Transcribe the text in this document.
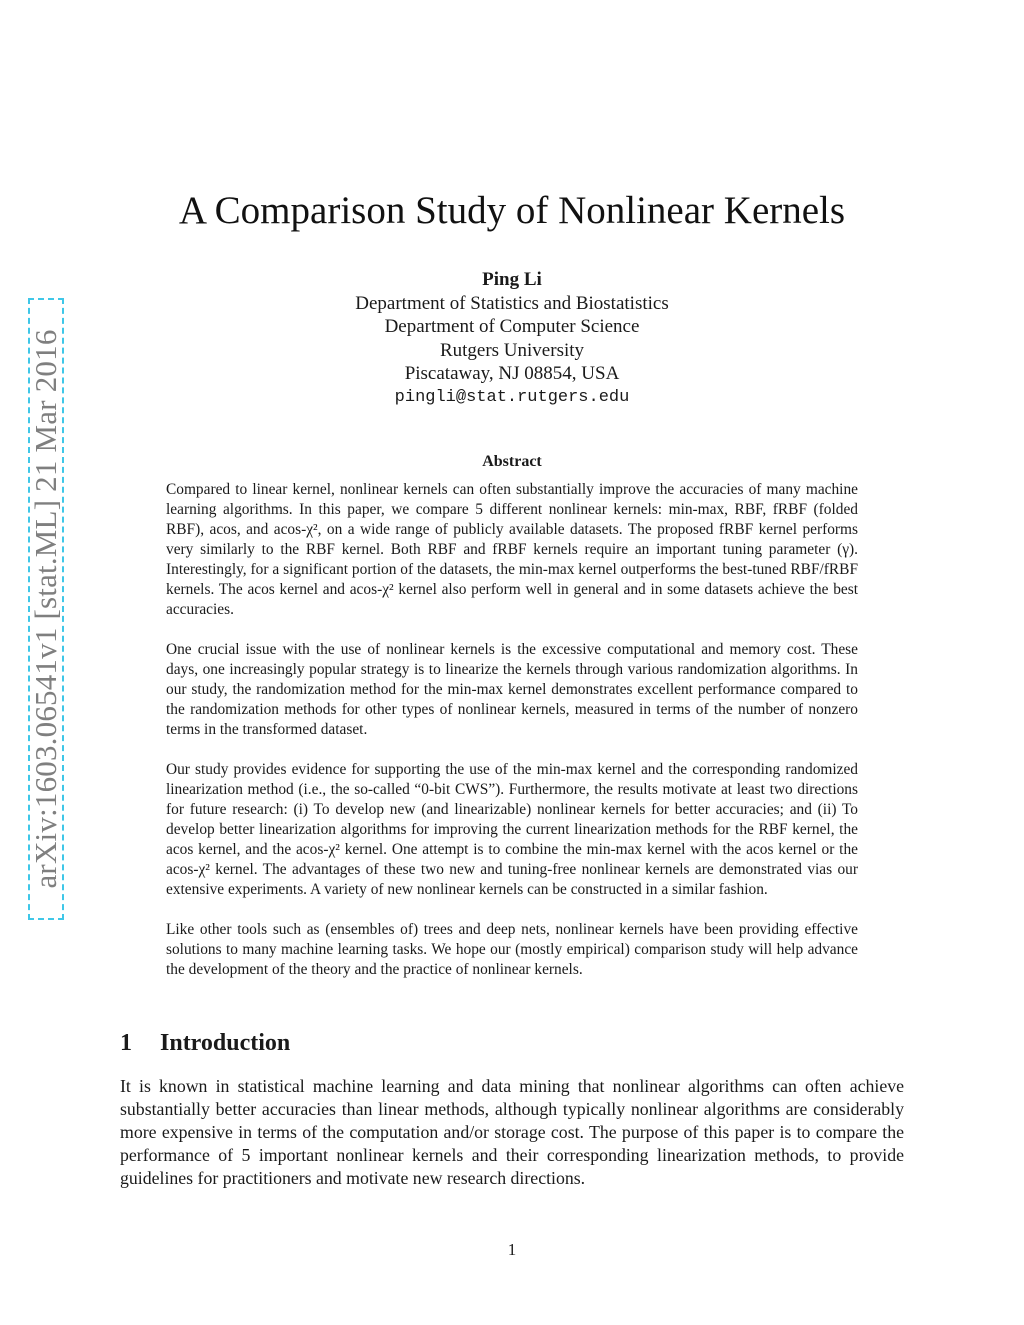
arXiv:1603.06541v1 [stat.ML] 21 Mar 2016
A Comparison Study of Nonlinear Kernels
Ping Li
Department of Statistics and Biostatistics
Department of Computer Science
Rutgers University
Piscataway, NJ 08854, USA
pingli@stat.rutgers.edu
Abstract

Compared to linear kernel, nonlinear kernels can often substantially improve the accuracies of many machine learning algorithms. In this paper, we compare 5 different nonlinear kernels: min-max, RBF, fRBF (folded RBF), acos, and acos-χ², on a wide range of publicly available datasets. The proposed fRBF kernel performs very similarly to the RBF kernel. Both RBF and fRBF kernels require an important tuning parameter (γ). Interestingly, for a significant portion of the datasets, the min-max kernel outperforms the best-tuned RBF/fRBF kernels. The acos kernel and acos-χ² kernel also perform well in general and in some datasets achieve the best accuracies.

One crucial issue with the use of nonlinear kernels is the excessive computational and memory cost. These days, one increasingly popular strategy is to linearize the kernels through various randomization algorithms. In our study, the randomization method for the min-max kernel demonstrates excellent performance compared to the randomization methods for other types of nonlinear kernels, measured in terms of the number of nonzero terms in the transformed dataset.

Our study provides evidence for supporting the use of the min-max kernel and the corresponding randomized linearization method (i.e., the so-called “0-bit CWS”). Furthermore, the results motivate at least two directions for future research: (i) To develop new (and linearizable) nonlinear kernels for better accuracies; and (ii) To develop better linearization algorithms for improving the current linearization methods for the RBF kernel, the acos kernel, and the acos-χ² kernel. One attempt is to combine the min-max kernel with the acos kernel or the acos-χ² kernel. The advantages of these two new and tuning-free nonlinear kernels are demonstrated vias our extensive experiments. A variety of new nonlinear kernels can be constructed in a similar fashion.

Like other tools such as (ensembles of) trees and deep nets, nonlinear kernels have been providing effective solutions to many machine learning tasks. We hope our (mostly empirical) comparison study will help advance the development of the theory and the practice of nonlinear kernels.

1 Introduction

It is known in statistical machine learning and data mining that nonlinear algorithms can often achieve substantially better accuracies than linear methods, although typically nonlinear algorithms are considerably more expensive in terms of the computation and/or storage cost. The purpose of this paper is to compare the performance of 5 important nonlinear kernels and their corresponding linearization methods, to provide guidelines for practitioners and motivate new research directions.

1
